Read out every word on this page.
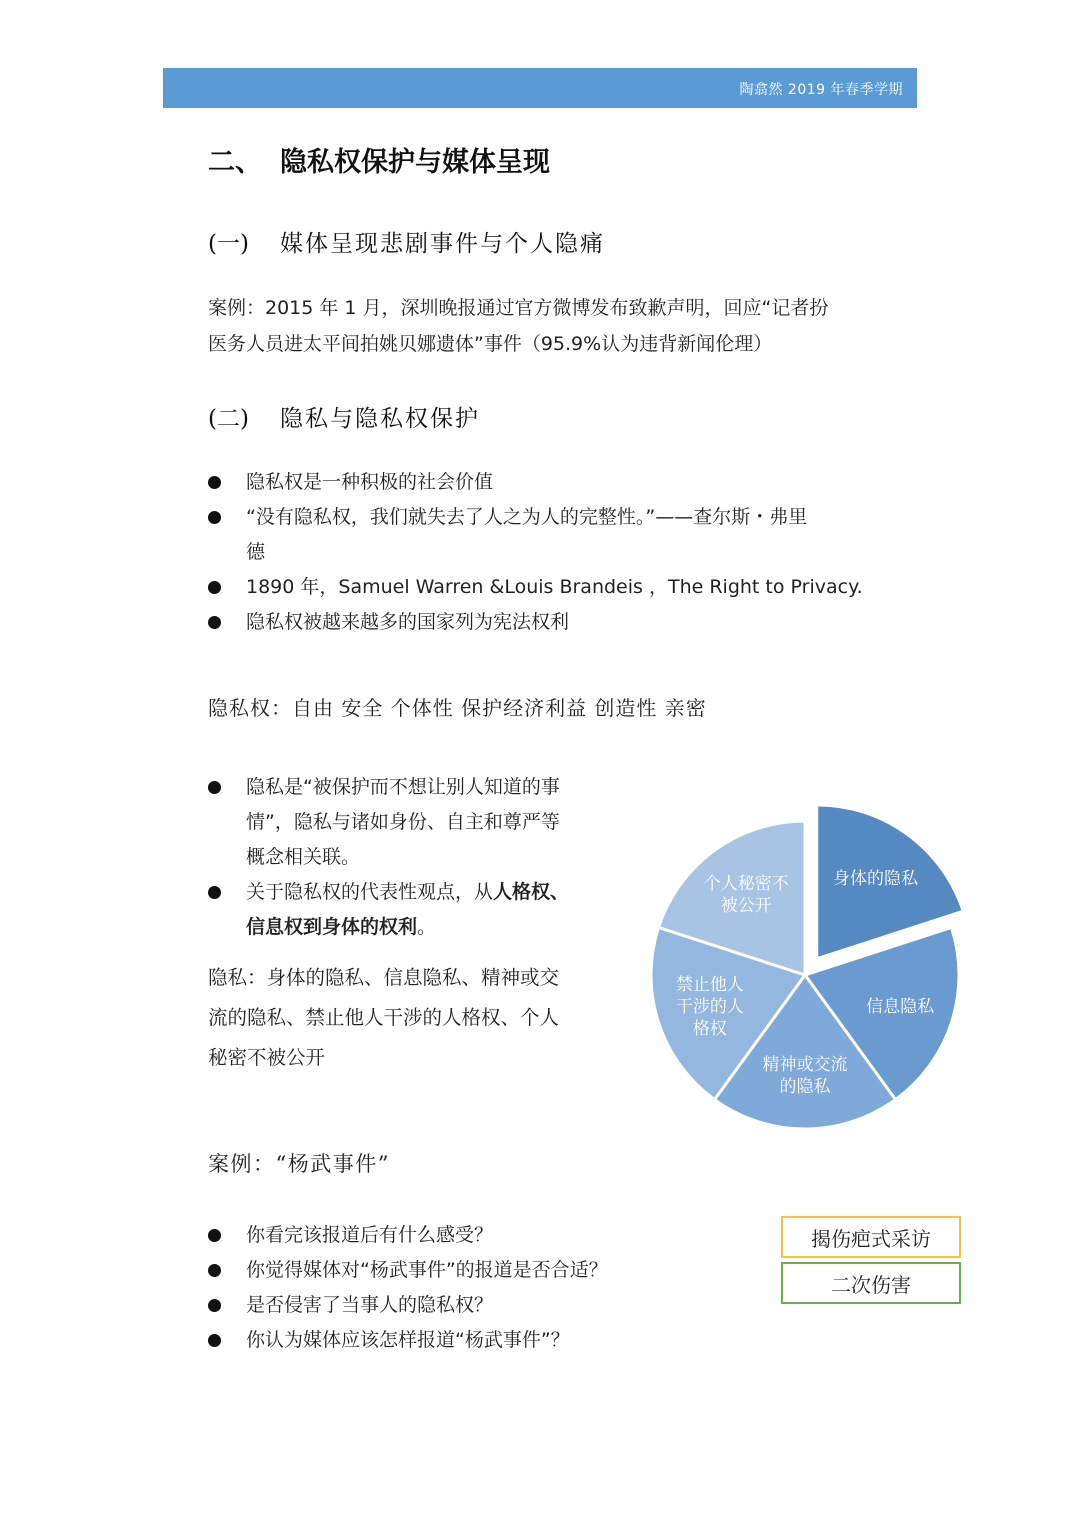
陶翕然 2019 年春季学期
二、 隐私权保护与媒体呈现
(一) 媒体呈现悲剧事件与个人隐痛
案例：2015 年 1 月，深圳晚报通过官方微博发布致歉声明，回应“记者扮
医务人员进太平间拍姚贝娜遗体”事件（95.9%认为违背新闻伦理）
(二) 隐私与隐私权保护
隐私权是一种积极的社会价值
“没有隐私权，我们就失去了人之为人的完整性。”——查尔斯・弗里
德
1890 年，Samuel Warren &Louis Brandeis ，The Right to Privacy.
隐私权被越来越多的国家列为宪法权利
隐私权：自由 安全 个体性 保护经济利益 创造性 亲密
隐私是“被保护而不想让别人知道的事
情”，隐私与诸如身份、自主和尊严等
概念相关联。
关于隐私权的代表性观点，从人格权、
信息权到身体的权利。
隐私：身体的隐私、信息隐私、精神或交
流的隐私、禁止他人干涉的人格权、个人
秘密不被公开
身体的隐私
信息隐私
精神或交流的隐私
禁止他人干涉的人格权
个人秘密不被公开
案例：“杨武事件”
你看完该报道后有什么感受？
你觉得媒体对“杨武事件”的报道是否合适？
是否侵害了当事人的隐私权？
你认为媒体应该怎样报道“杨武事件”？
揭伤疤式采访
二次伤害
